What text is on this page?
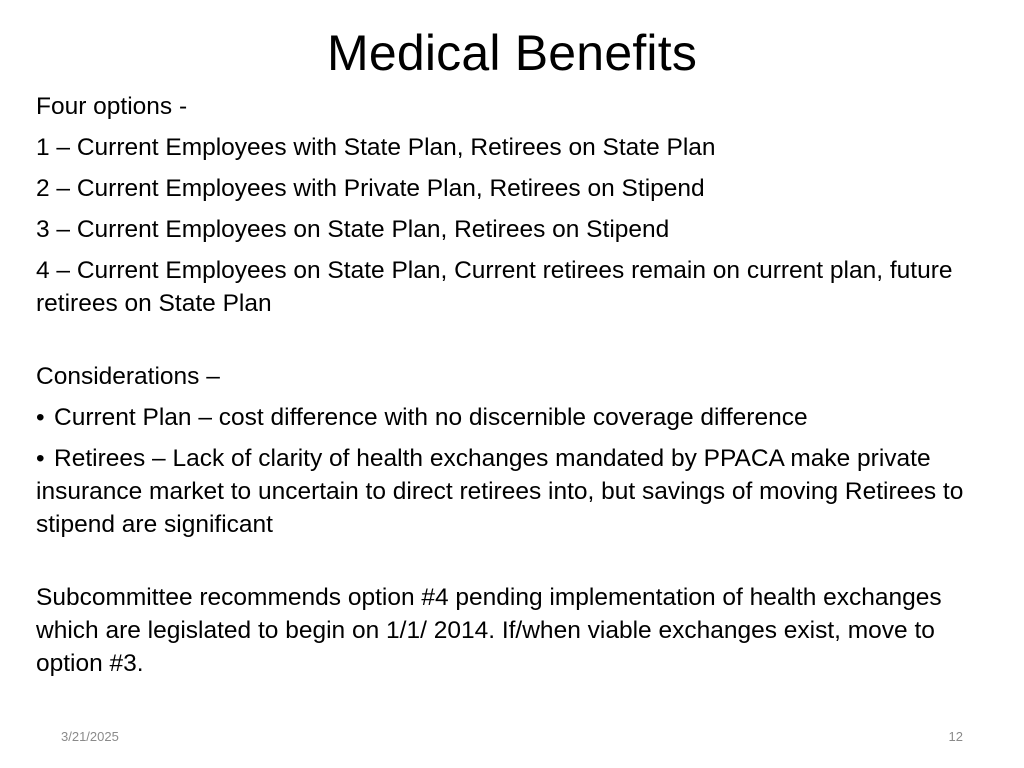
Medical Benefits
Four options -
1 – Current Employees with State Plan, Retirees on State Plan
2 – Current Employees with Private Plan, Retirees on Stipend
3 – Current Employees on State Plan, Retirees on Stipend
4 – Current Employees on State Plan, Current retirees remain on current plan, future retirees on State Plan
Considerations –
• Current Plan – cost difference with no discernible coverage difference
• Retirees – Lack of clarity of health exchanges mandated by PPACA make private insurance market to uncertain to direct retirees into, but savings of moving Retirees to stipend are significant
Subcommittee recommends option #4 pending implementation of health exchanges which are legislated to begin on 1/1/ 2014. If/when viable exchanges exist, move to option #3.
3/21/2025	12
